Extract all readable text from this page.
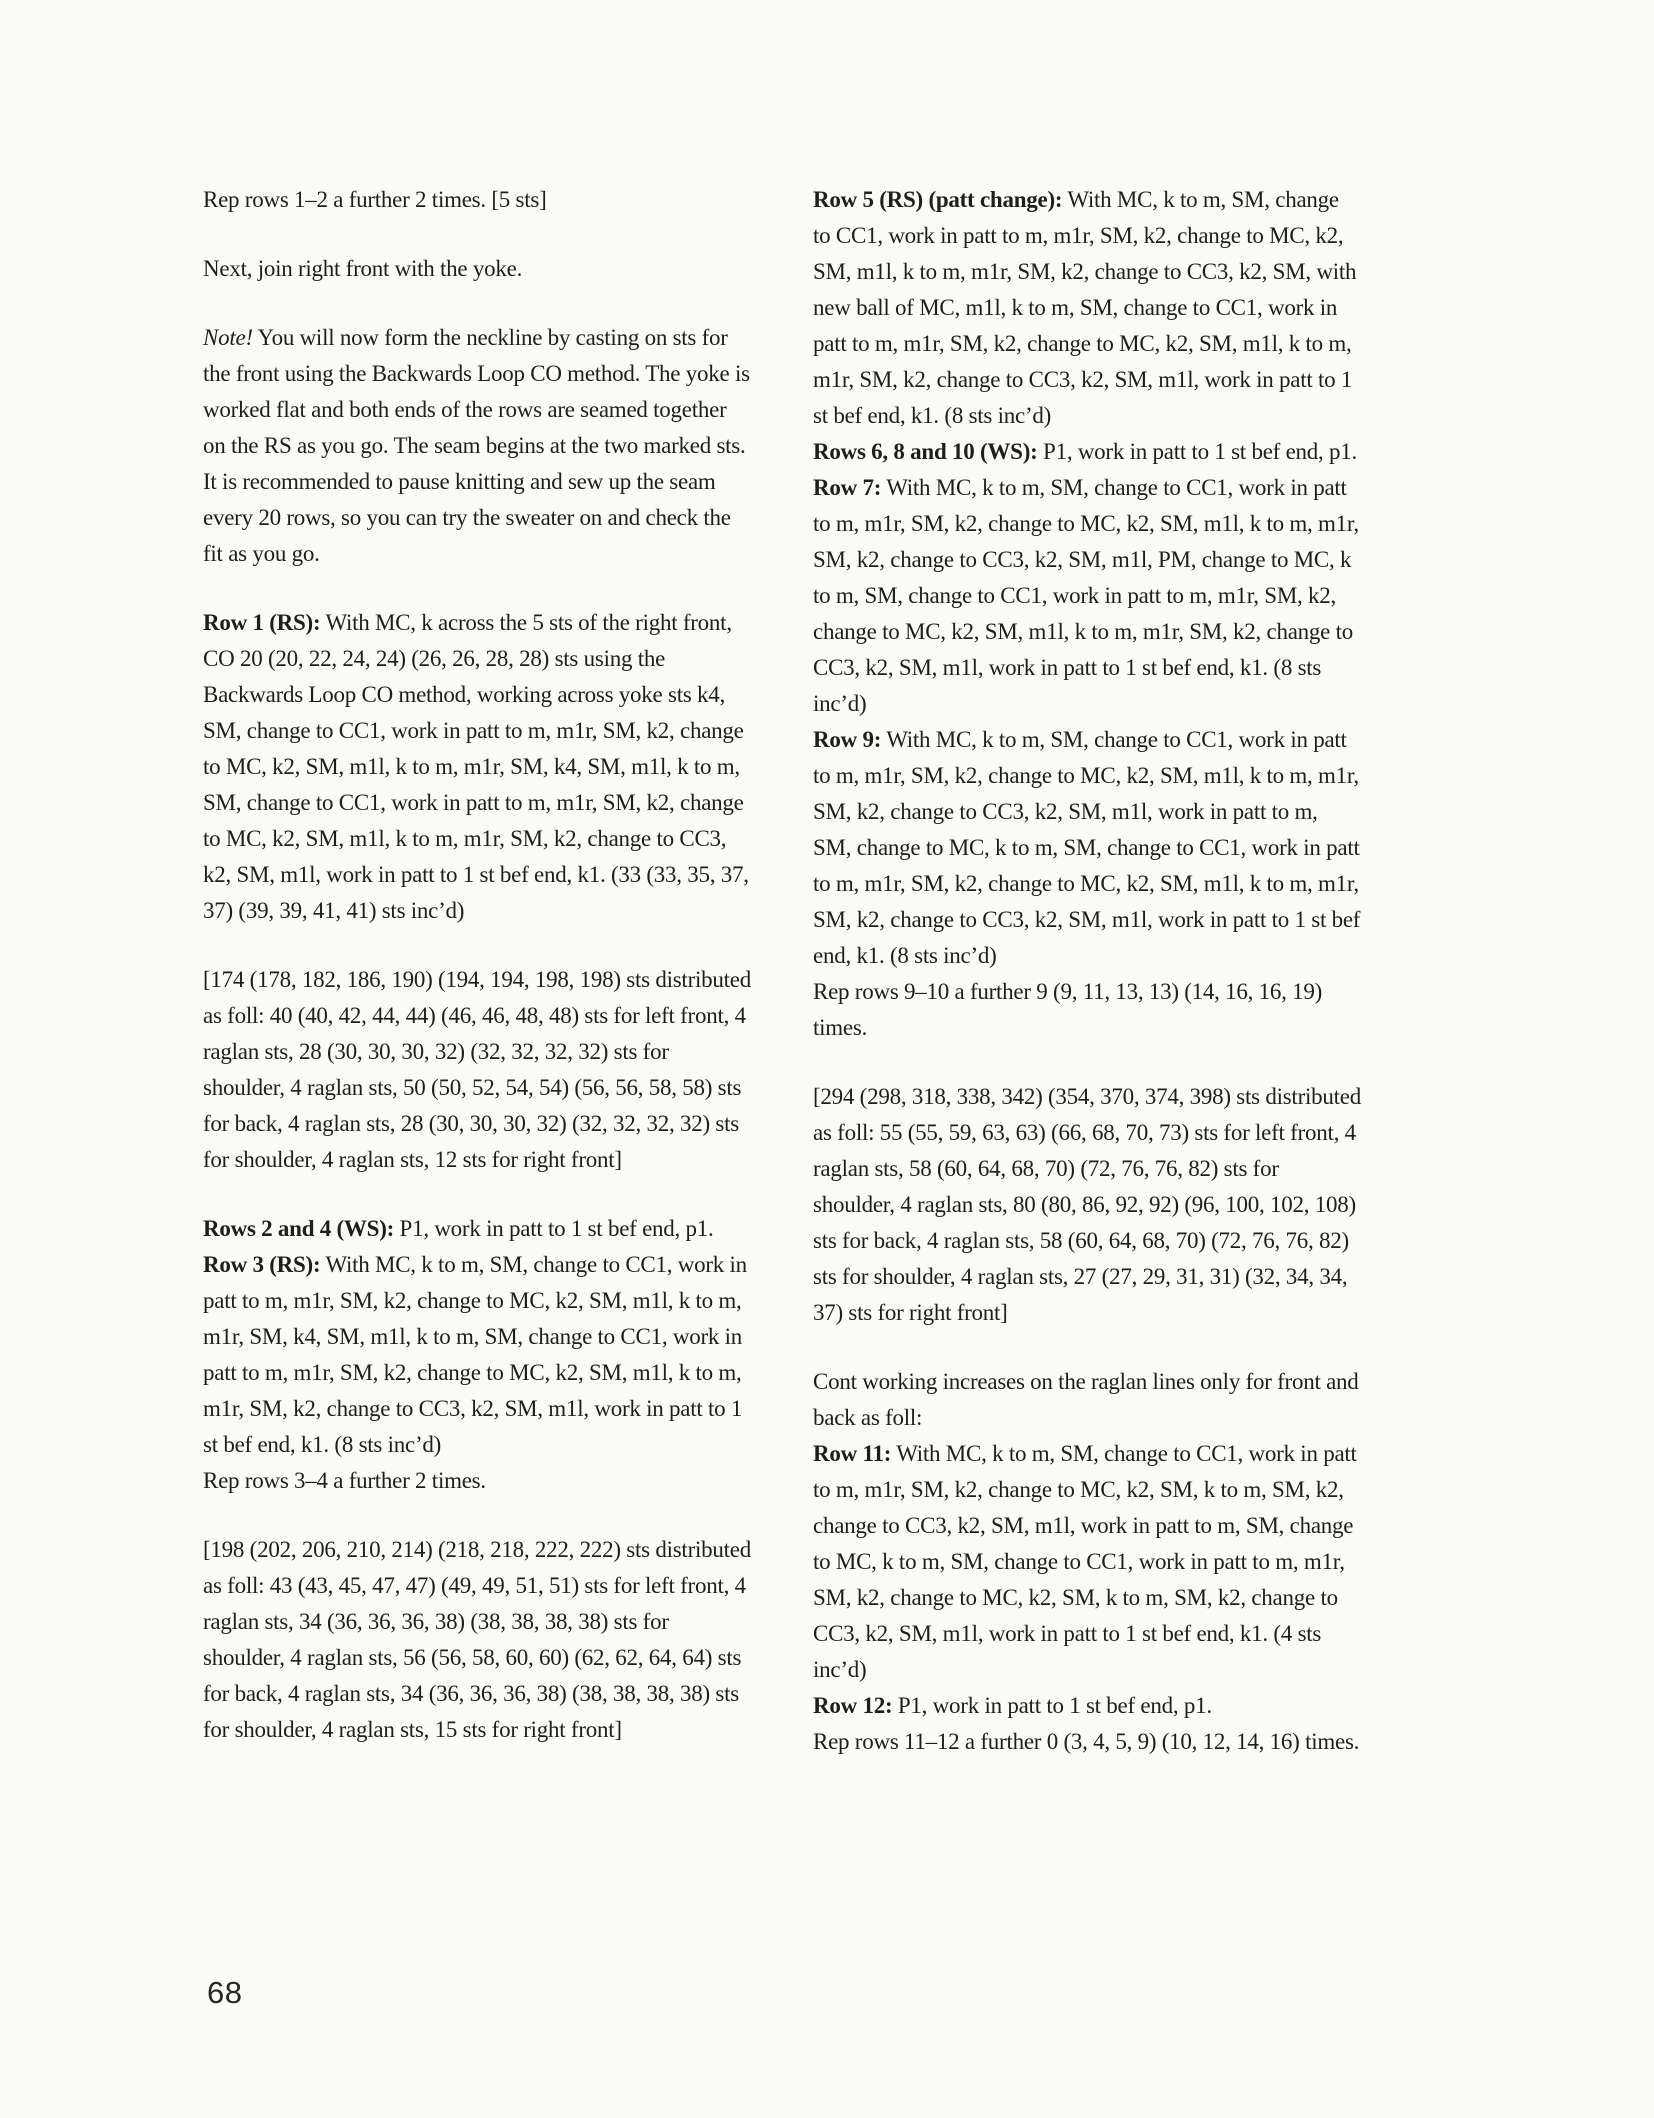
Rep rows 1–2 a further 2 times. [5 sts]

Next, join right front with the yoke.

Note! You will now form the neckline by casting on sts for the front using the Backwards Loop CO method. The yoke is worked flat and both ends of the rows are seamed together on the RS as you go. The seam begins at the two marked sts. It is recommended to pause knitting and sew up the seam every 20 rows, so you can try the sweater on and check the fit as you go.

Row 1 (RS): With MC, k across the 5 sts of the right front, CO 20 (20, 22, 24, 24) (26, 26, 28, 28) sts using the Backwards Loop CO method, working across yoke sts k4, SM, change to CC1, work in patt to m, m1r, SM, k2, change to MC, k2, SM, m1l, k to m, m1r, SM, k4, SM, m1l, k to m, SM, change to CC1, work in patt to m, m1r, SM, k2, change to MC, k2, SM, m1l, k to m, m1r, SM, k2, change to CC3, k2, SM, m1l, work in patt to 1 st bef end, k1. (33 (33, 35, 37, 37) (39, 39, 41, 41) sts inc’d)

[174 (178, 182, 186, 190) (194, 194, 198, 198) sts distributed as foll: 40 (40, 42, 44, 44) (46, 46, 48, 48) sts for left front, 4 raglan sts, 28 (30, 30, 30, 32) (32, 32, 32, 32) sts for shoulder, 4 raglan sts, 50 (50, 52, 54, 54) (56, 56, 58, 58) sts for back, 4 raglan sts, 28 (30, 30, 30, 32) (32, 32, 32, 32) sts for shoulder, 4 raglan sts, 12 sts for right front]

Rows 2 and 4 (WS): P1, work in patt to 1 st bef end, p1.

Row 3 (RS): With MC, k to m, SM, change to CC1, work in patt to m, m1r, SM, k2, change to MC, k2, SM, m1l, k to m, m1r, SM, k4, SM, m1l, k to m, SM, change to CC1, work in patt to m, m1r, SM, k2, change to MC, k2, SM, m1l, k to m, m1r, SM, k2, change to CC3, k2, SM, m1l, work in patt to 1 st bef end, k1. (8 sts inc’d)

Rep rows 3–4 a further 2 times.

[198 (202, 206, 210, 214) (218, 218, 222, 222) sts distributed as foll: 43 (43, 45, 47, 47) (49, 49, 51, 51) sts for left front, 4 raglan sts, 34 (36, 36, 36, 38) (38, 38, 38, 38) sts for shoulder, 4 raglan sts, 56 (56, 58, 60, 60) (62, 62, 64, 64) sts for back, 4 raglan sts, 34 (36, 36, 36, 38) (38, 38, 38, 38) sts for shoulder, 4 raglan sts, 15 sts for right front]

Row 5 (RS) (patt change): With MC, k to m, SM, change to CC1, work in patt to m, m1r, SM, k2, change to MC, k2, SM, m1l, k to m, m1r, SM, k2, change to CC3, k2, SM, with new ball of MC, m1l, k to m, SM, change to CC1, work in patt to m, m1r, SM, k2, change to MC, k2, SM, m1l, k to m, m1r, SM, k2, change to CC3, k2, SM, m1l, work in patt to 1 st bef end, k1. (8 sts inc’d)

Rows 6, 8 and 10 (WS): P1, work in patt to 1 st bef end, p1.

Row 7: With MC, k to m, SM, change to CC1, work in patt to m, m1r, SM, k2, change to MC, k2, SM, m1l, k to m, m1r, SM, k2, change to CC3, k2, SM, m1l, PM, change to MC, k to m, SM, change to CC1, work in patt to m, m1r, SM, k2, change to MC, k2, SM, m1l, k to m, m1r, SM, k2, change to CC3, k2, SM, m1l, work in patt to 1 st bef end, k1. (8 sts inc’d)

Row 9: With MC, k to m, SM, change to CC1, work in patt to m, m1r, SM, k2, change to MC, k2, SM, m1l, k to m, m1r, SM, k2, change to CC3, k2, SM, m1l, work in patt to m, SM, change to MC, k to m, SM, change to CC1, work in patt to m, m1r, SM, k2, change to MC, k2, SM, m1l, k to m, m1r, SM, k2, change to CC3, k2, SM, m1l, work in patt to 1 st bef end, k1. (8 sts inc’d)

Rep rows 9–10 a further 9 (9, 11, 13, 13) (14, 16, 16, 19) times.

[294 (298, 318, 338, 342) (354, 370, 374, 398) sts distributed as foll: 55 (55, 59, 63, 63) (66, 68, 70, 73) sts for left front, 4 raglan sts, 58 (60, 64, 68, 70) (72, 76, 76, 82) sts for shoulder, 4 raglan sts, 80 (80, 86, 92, 92) (96, 100, 102, 108) sts for back, 4 raglan sts, 58 (60, 64, 68, 70) (72, 76, 76, 82) sts for shoulder, 4 raglan sts, 27 (27, 29, 31, 31) (32, 34, 34, 37) sts for right front]

Cont working increases on the raglan lines only for front and back as foll:

Row 11: With MC, k to m, SM, change to CC1, work in patt to m, m1r, SM, k2, change to MC, k2, SM, k to m, SM, k2, change to CC3, k2, SM, m1l, work in patt to m, SM, change to MC, k to m, SM, change to CC1, work in patt to m, m1r, SM, k2, change to MC, k2, SM, k to m, SM, k2, change to CC3, k2, SM, m1l, work in patt to 1 st bef end, k1. (4 sts inc’d)

Row 12: P1, work in patt to 1 st bef end, p1.

Rep rows 11–12 a further 0 (3, 4, 5, 9) (10, 12, 14, 16) times.

68
